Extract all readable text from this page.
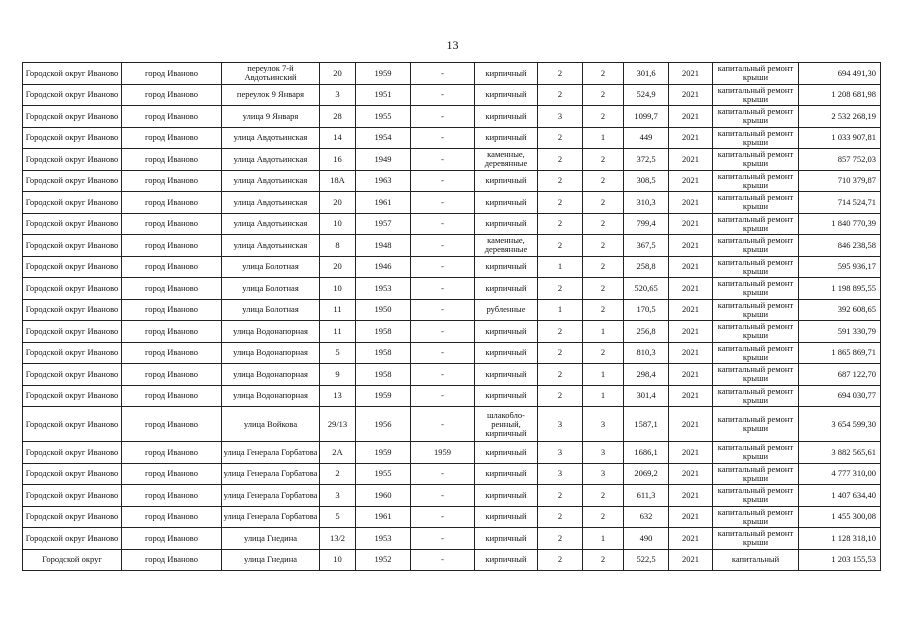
13
Городской округ Иваново	город Иваново	переулок 7-й Авдотьинский	20	1959	-	кирпичный	2	2	301,6	2021	капитальный ремонт крыши	694 491,30
Городской округ Иваново	город Иваново	переулок 9 Января	3	1951	-	кирпичный	2	2	524,9	2021	капитальный ремонт крыши	1 208 681,98
Городской округ Иваново	город Иваново	улица 9 Января	28	1955	-	кирпичный	3	2	1099,7	2021	капитальный ремонт крыши	2 532 268,19
Городской округ Иваново	город Иваново	улица Авдотьинская	14	1954	-	кирпичный	2	1	449	2021	капитальный ремонт крыши	1 033 907,81
Городской округ Иваново	город Иваново	улица Авдотьинская	16	1949	-	каменные, деревянные	2	2	372,5	2021	капитальный ремонт крыши	857 752,03
Городской округ Иваново	город Иваново	улица Авдотьинская	18А	1963	-	кирпичный	2	2	308,5	2021	капитальный ремонт крыши	710 379,87
Городской округ Иваново	город Иваново	улица Авдотьинская	20	1961	-	кирпичный	2	2	310,3	2021	капитальный ремонт крыши	714 524,71
Городской округ Иваново	город Иваново	улица Авдотьинская	10	1957	-	кирпичный	2	2	799,4	2021	капитальный ремонт крыши	1 840 770,39
Городской округ Иваново	город Иваново	улица Авдотьинская	8	1948	-	каменные, деревянные	2	2	367,5	2021	капитальный ремонт крыши	846 238,58
Городской округ Иваново	город Иваново	улица Болотная	20	1946	-	кирпичный	1	2	258,8	2021	капитальный ремонт крыши	595 936,17
Городской округ Иваново	город Иваново	улица Болотная	10	1953	-	кирпичный	2	2	520,65	2021	капитальный ремонт крыши	1 198 895,55
Городской округ Иваново	город Иваново	улица Болотная	11	1950	-	рубленные	1	2	170,5	2021	капитальный ремонт крыши	392 608,65
Городской округ Иваново	город Иваново	улица Водонапорная	11	1958	-	кирпичный	2	1	256,8	2021	капитальный ремонт крыши	591 330,79
Городской округ Иваново	город Иваново	улица Водонапорная	5	1958	-	кирпичный	2	2	810,3	2021	капитальный ремонт крыши	1 865 869,71
Городской округ Иваново	город Иваново	улица Водонапорная	9	1958	-	кирпичный	2	1	298,4	2021	капитальный ремонт крыши	687 122,70
Городской округ Иваново	город Иваново	улица Водонапорная	13	1959	-	кирпичный	2	1	301,4	2021	капитальный ремонт крыши	694 030,77
Городской округ Иваново	город Иваново	улица Войкова	29/13	1956	-	шлакобло-ренный, кирпичный	3	3	1587,1	2021	капитальный ремонт крыши	3 654 599,30
Городской округ Иваново	город Иваново	улица Генерала Горбатова	2А	1959	1959	кирпичный	3	3	1686,1	2021	капитальный ремонт крыши	3 882 565,61
Городской округ Иваново	город Иваново	улица Генерала Горбатова	2	1955	-	кирпичный	3	3	2069,2	2021	капитальный ремонт крыши	4 777 310,00
Городской округ Иваново	город Иваново	улица Генерала Горбатова	3	1960	-	кирпичный	2	2	611,3	2021	капитальный ремонт крыши	1 407 634,40
Городской округ Иваново	город Иваново	улица Генерала Горбатова	5	1961	-	кирпичный	2	2	632	2021	капитальный ремонт крыши	1 455 300,08
Городской округ Иваново	город Иваново	улица Гнедина	13/2	1953	-	кирпичный	2	1	490	2021	капитальный ремонт крыши	1 128 318,10
Городской округ	город Иваново	улица Гнедина	10	1952	-	кирпичный	2	2	522,5	2021	капитальный	1 203 155,53
